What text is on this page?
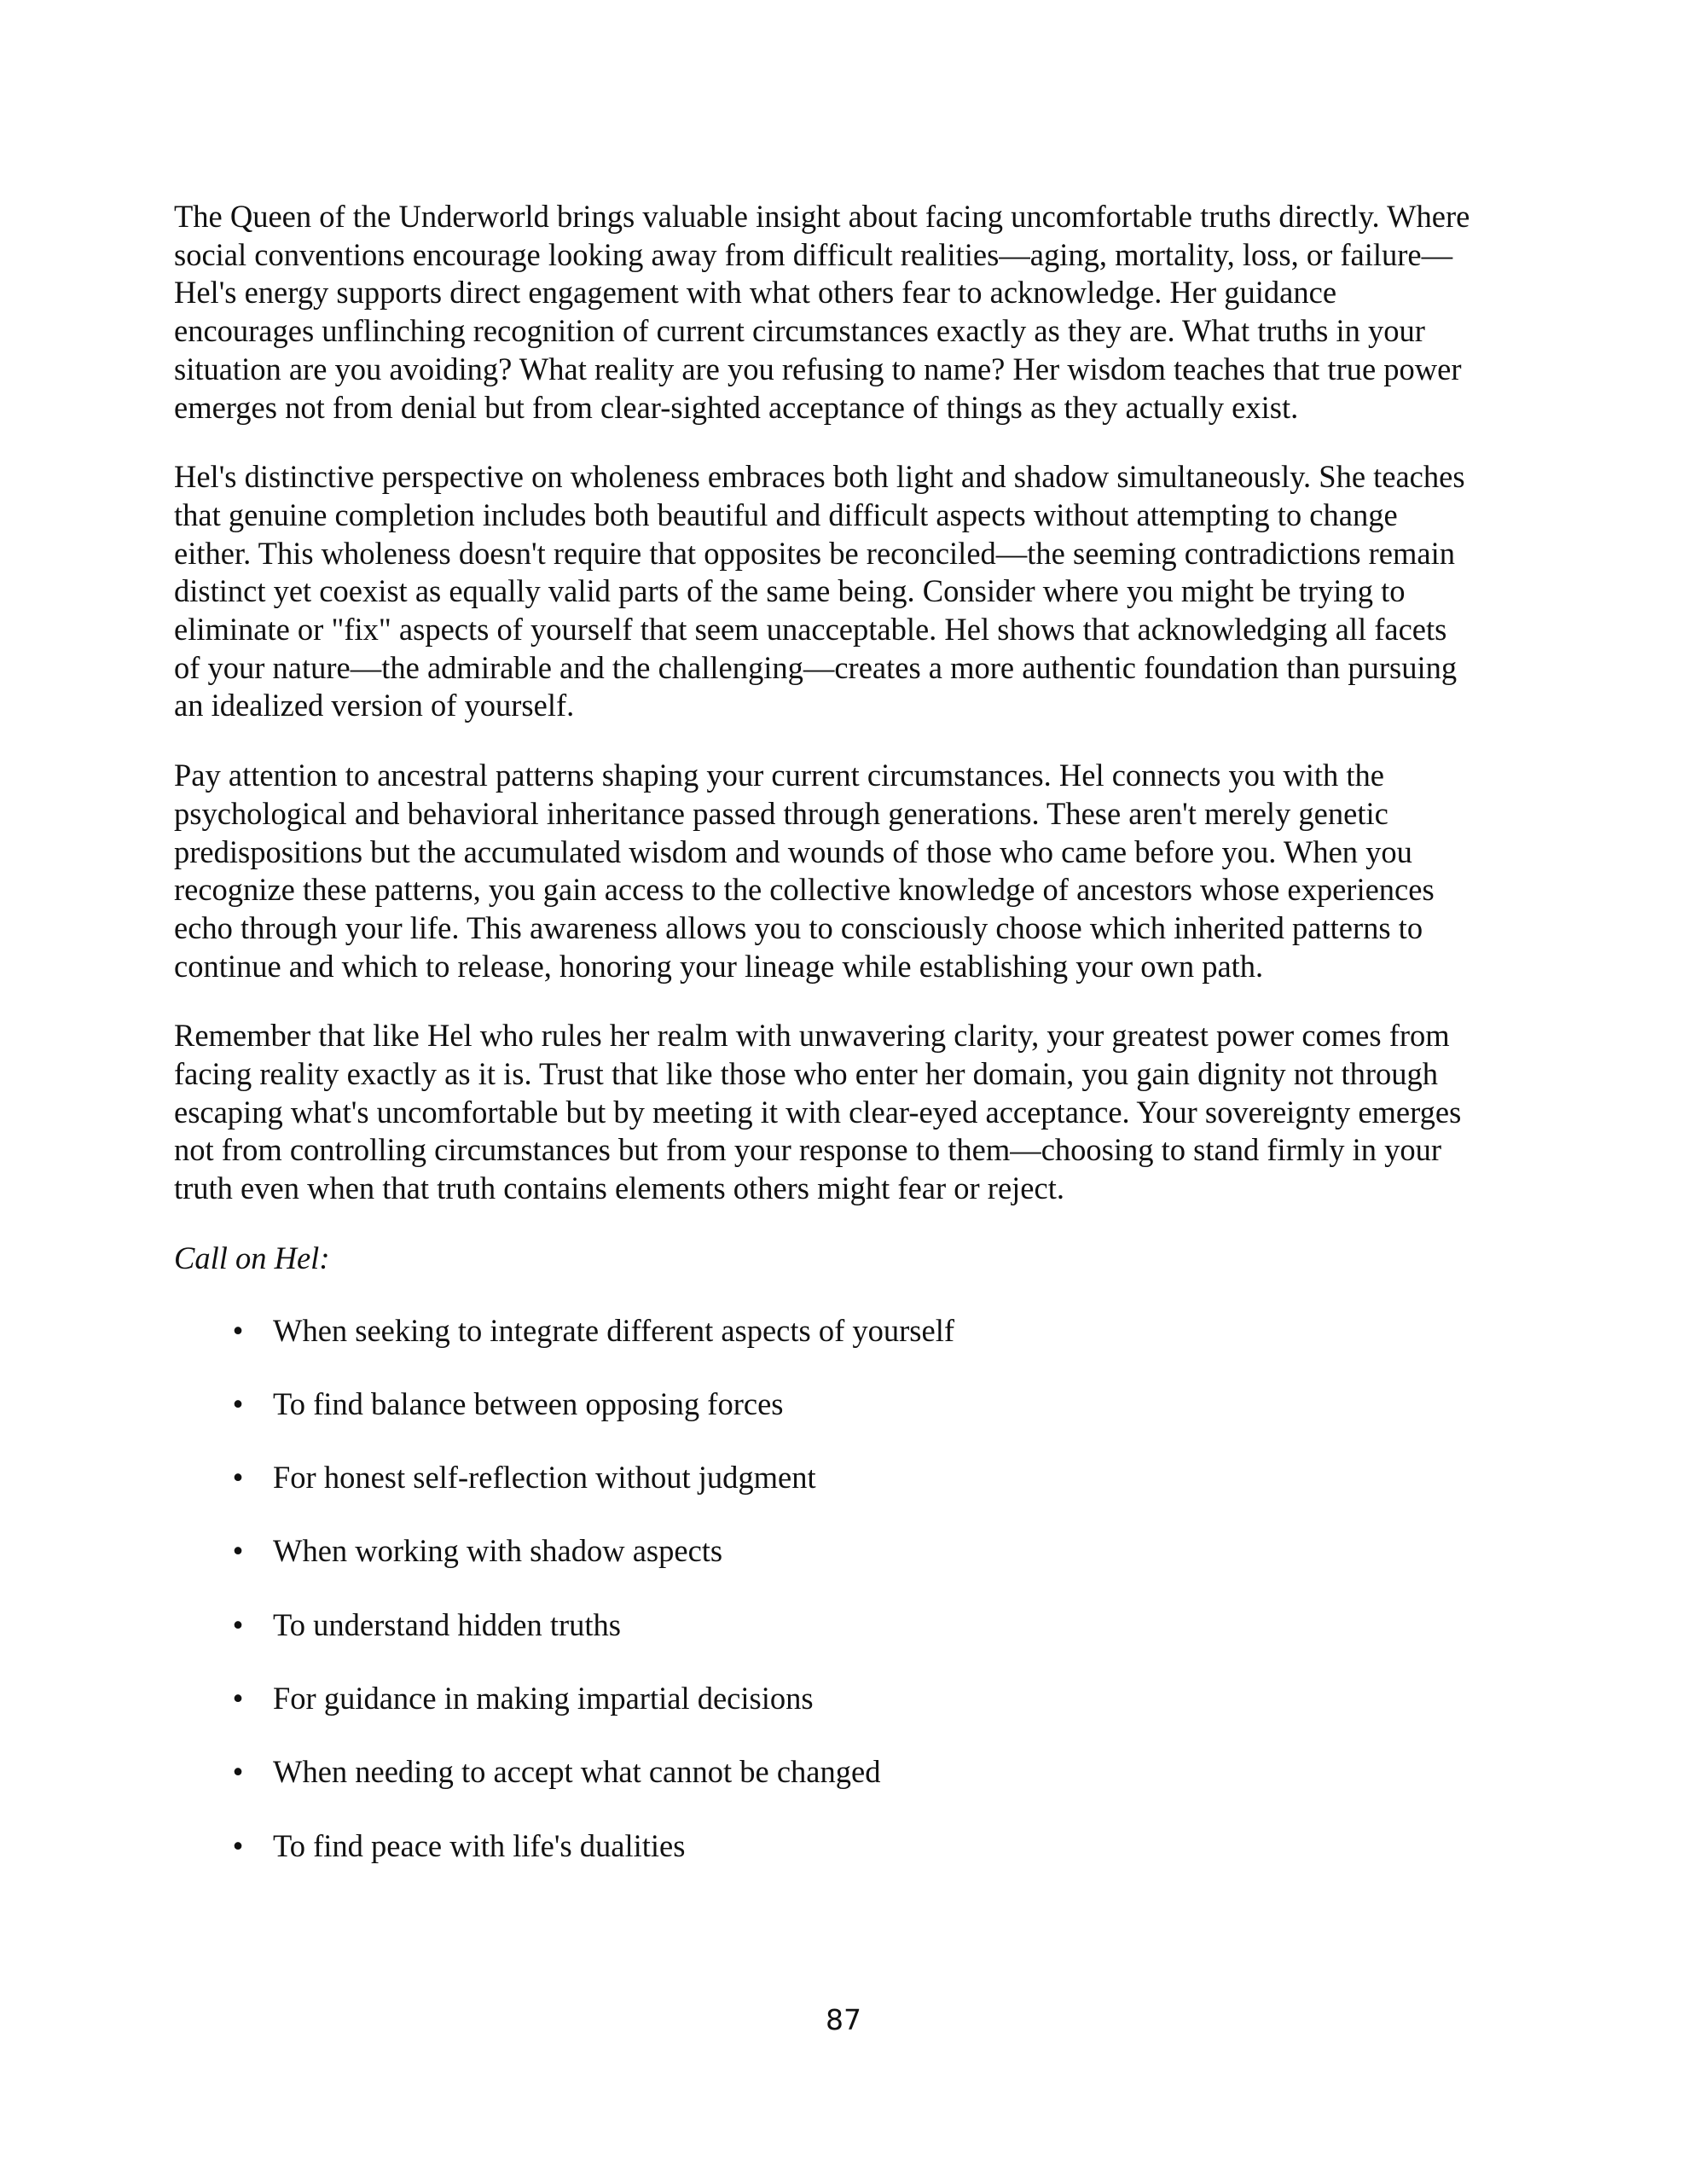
The Queen of the Underworld brings valuable insight about facing uncomfortable truths directly. Where social conventions encourage looking away from difficult realities—aging, mortality, loss, or failure—Hel's energy supports direct engagement with what others fear to acknowledge. Her guidance encourages unflinching recognition of current circumstances exactly as they are. What truths in your situation are you avoiding? What reality are you refusing to name? Her wisdom teaches that true power emerges not from denial but from clear-sighted acceptance of things as they actually exist.

Hel's distinctive perspective on wholeness embraces both light and shadow simultaneously. She teaches that genuine completion includes both beautiful and difficult aspects without attempting to change either. This wholeness doesn't require that opposites be reconciled—the seeming contradictions remain distinct yet coexist as equally valid parts of the same being. Consider where you might be trying to eliminate or "fix" aspects of yourself that seem unacceptable. Hel shows that acknowledging all facets of your nature—the admirable and the challenging—creates a more authentic foundation than pursuing an idealized version of yourself.

Pay attention to ancestral patterns shaping your current circumstances. Hel connects you with the psychological and behavioral inheritance passed through generations. These aren't merely genetic predispositions but the accumulated wisdom and wounds of those who came before you. When you recognize these patterns, you gain access to the collective knowledge of ancestors whose experiences echo through your life. This awareness allows you to consciously choose which inherited patterns to continue and which to release, honoring your lineage while establishing your own path.

Remember that like Hel who rules her realm with unwavering clarity, your greatest power comes from facing reality exactly as it is. Trust that like those who enter her domain, you gain dignity not through escaping what's uncomfortable but by meeting it with clear-eyed acceptance. Your sovereignty emerges not from controlling circumstances but from your response to them—choosing to stand firmly in your truth even when that truth contains elements others might fear or reject.

Call on Hel:

• When seeking to integrate different aspects of yourself
• To find balance between opposing forces
• For honest self-reflection without judgment
• When working with shadow aspects
• To understand hidden truths
• For guidance in making impartial decisions
• When needing to accept what cannot be changed
• To find peace with life's dualities
87
